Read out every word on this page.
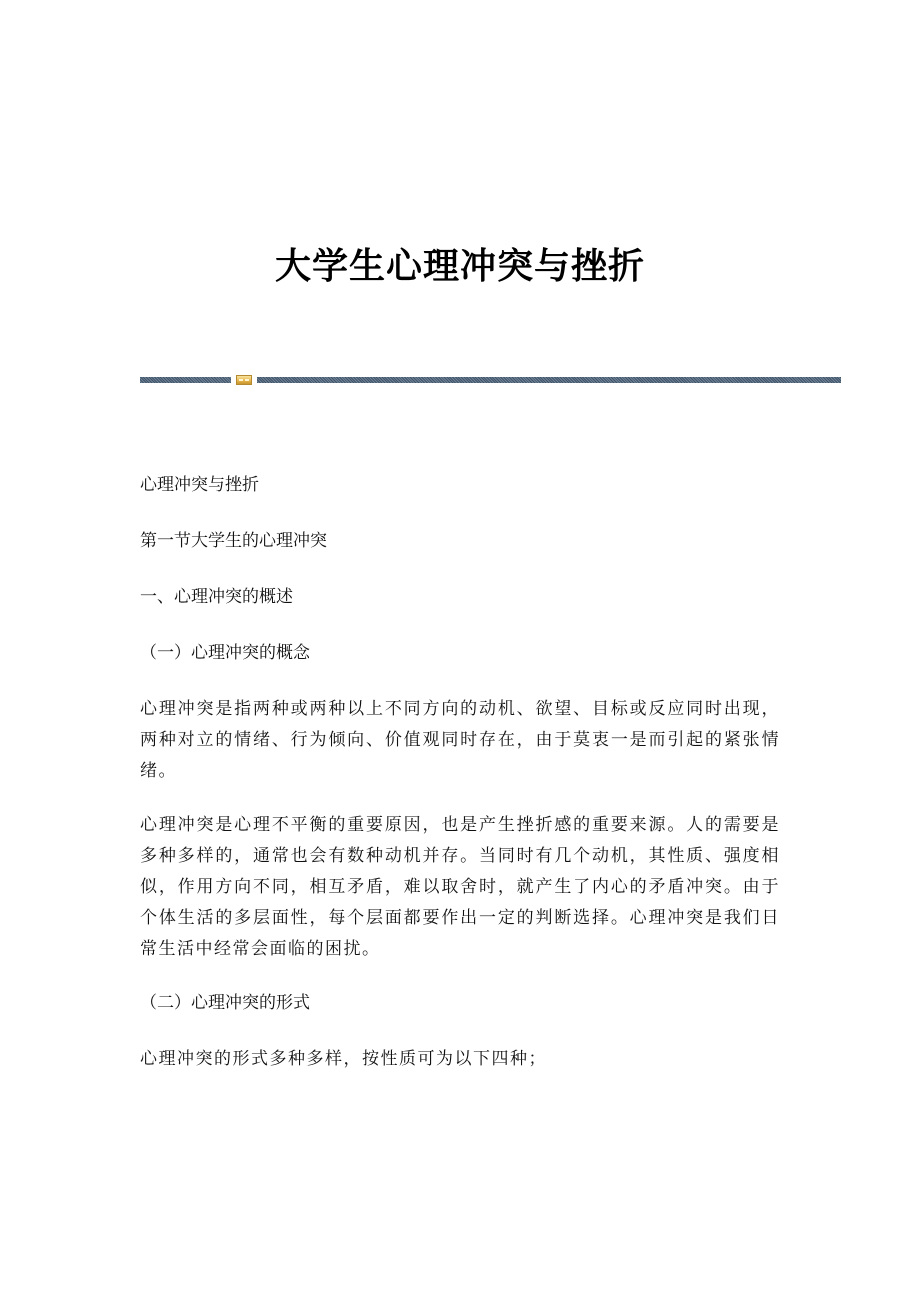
大学生心理冲突与挫折

心理冲突与挫折

第一节大学生的心理冲突

一、心理冲突的概述

（一）心理冲突的概念

心理冲突是指两种或两种以上不同方向的动机、欲望、目标或反应同时出现，两种对立的情绪、行为倾向、价值观同时存在，由于莫衷一是而引起的紧张情绪。

心理冲突是心理不平衡的重要原因，也是产生挫折感的重要来源。人的需要是多种多样的，通常也会有数种动机并存。当同时有几个动机，其性质、强度相似，作用方向不同，相互矛盾，难以取舍时，就产生了内心的矛盾冲突。由于个体生活的多层面性，每个层面都要作出一定的判断选择。心理冲突是我们日常生活中经常会面临的困扰。

（二）心理冲突的形式

心理冲突的形式多种多样，按性质可为以下四种；
